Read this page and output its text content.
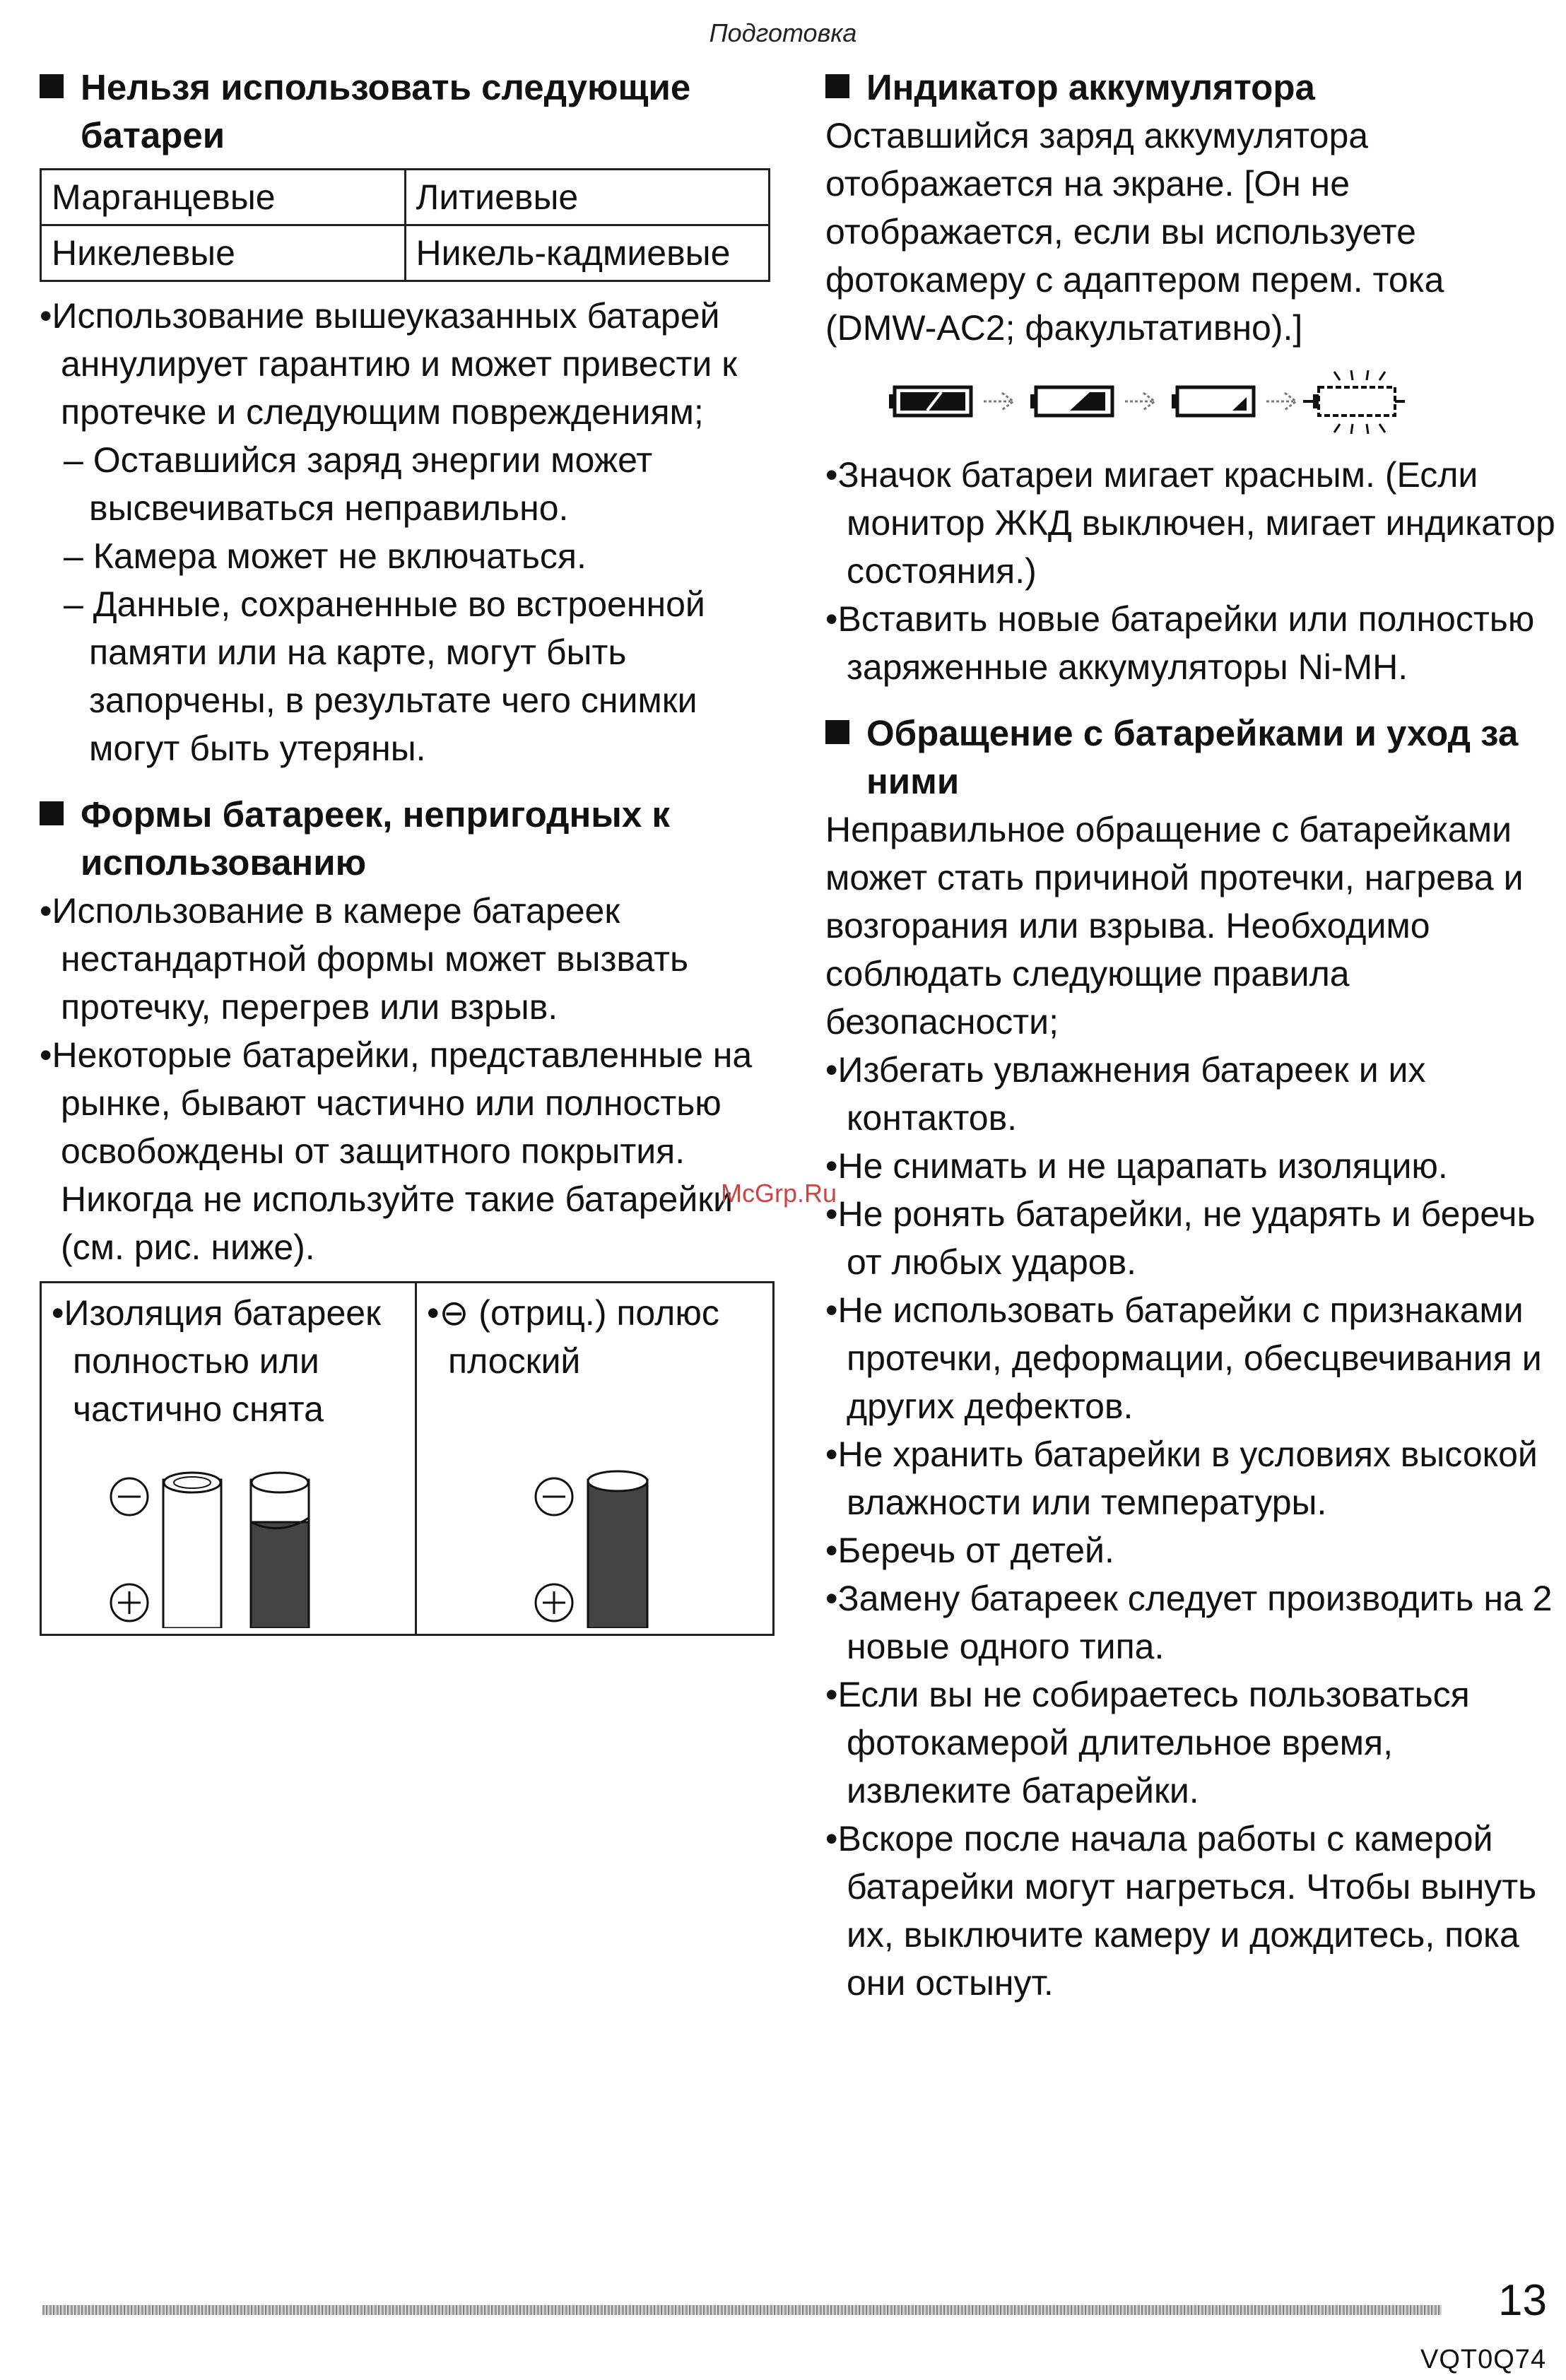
Подготовка

Нельзя использовать следующие батареи

Марганцевые	Литиевые
Никелевые	Никель-кадмиевые

•Использование вышеуказанных батарей аннулирует гарантию и может привести к протечке и следующим повреждениям;

– Оставшийся заряд энергии может высвечиваться неправильно.

– Камера может не включаться.

– Данные, сохраненные во встроенной памяти или на карте, могут быть запорчены, в результате чего снимки могут быть утеряны.

Формы батареек, непригодных к использованию

•Использование в камере батареек нестандартной формы может вызвать протечку, перегрев или взрыв.

•Некоторые батарейки, представленные на рынке, бывают частично или полностью освобождены от защитного покрытия. Никогда не используйте такие батарейки (см. рис. ниже).

•Изоляция батареек полностью или частично снята

•⊖ (отриц.) полюс плоский

Индикатор аккумулятора

Оставшийся заряд аккумулятора отображается на экране. [Он не отображается, если вы используете фотокамеру с адаптером перем. тока (DMW-AC2; факультативно).]

•Значок батареи мигает красным. (Если монитор ЖКД выключен, мигает индикатор состояния.)

•Вставить новые батарейки или полностью заряженные аккумуляторы Ni-MH.

Обращение с батарейками и уход за ними

Неправильное обращение с батарейками может стать причиной протечки, нагрева и возгорания или взрыва. Необходимо соблюдать следующие правила безопасности;

•Избегать увлажнения батареек и их контактов.

•Не снимать и не царапать изоляцию.

•Не ронять батарейки, не ударять и беречь от любых ударов.

•Не использовать батарейки с признаками протечки, деформации, обесцвечивания и других дефектов.

•Не хранить батарейки в условиях высокой влажности или температуры.

•Беречь от детей.

•Замену батареек следует производить на 2 новые одного типа.

•Если вы не собираетесь пользоваться фотокамерой длительное время, извлеките батарейки.

•Вскоре после начала работы с камерой батарейки могут нагреться. Чтобы вынуть их, выключите камеру и дождитесь, пока они остынут.

McGrp.Ru
13
VQT0Q74
